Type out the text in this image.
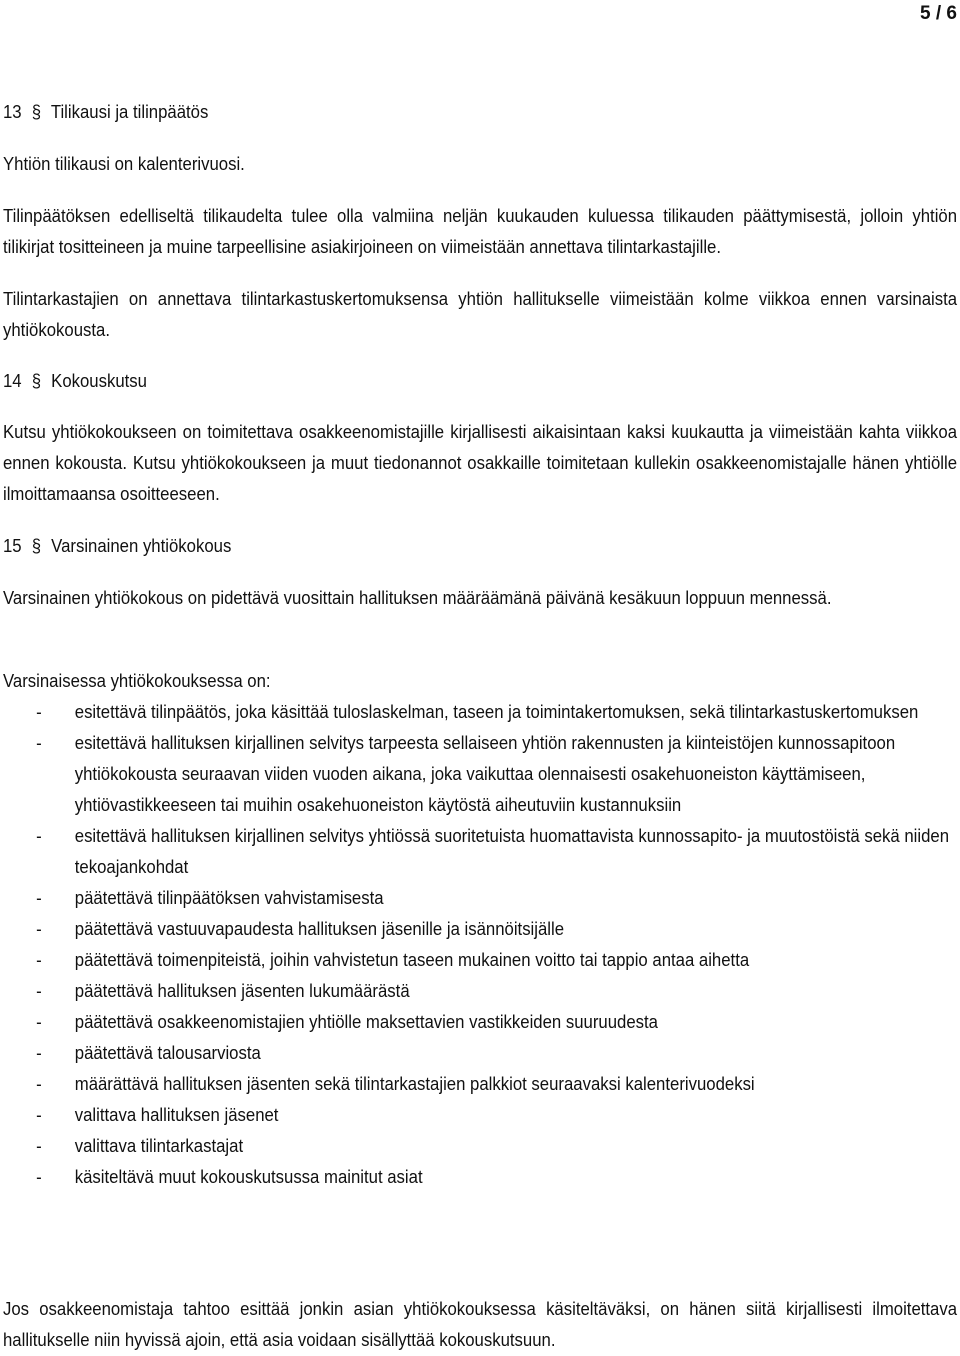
5 / 6
13 § Tilikausi ja tilinpäätös

Yhtiön tilikausi on kalenterivuosi.

Tilinpäätöksen edelliseltä tilikaudelta tulee olla valmiina neljän kuukauden kuluessa tilikauden päättymisestä, jolloin yhtiön tilikirjat tositteineen ja muine tarpeellisine asiakirjoineen on viimeistään annettava tilintarkastajille.

Tilintarkastajien on annettava tilintarkastuskertomuksensa yhtiön hallitukselle viimeistään kolme viikkoa ennen varsinaista yhtiökokousta.

14 § Kokouskutsu

Kutsu yhtiökokoukseen on toimitettava osakkeenomistajille kirjallisesti aikaisintaan kaksi kuukautta ja viimeistään kahta viikkoa ennen kokousta. Kutsu yhtiökokoukseen ja muut tiedonannot osakkaille toimitetaan kullekin osakkeenomistajalle hänen yhtiölle ilmoittamaansa osoitteeseen.

15 § Varsinainen yhtiökokous

Varsinainen yhtiökokous on pidettävä vuosittain hallituksen määräämänä päivänä kesäkuun loppuun mennessä.

Varsinaisessa yhtiökokouksessa on:

- esitettävä tilinpäätös, joka käsittää tuloslaskelman, taseen ja toimintakertomuksen, sekä tilintarkastuskertomuksen
- esitettävä hallituksen kirjallinen selvitys tarpeesta sellaiseen yhtiön rakennusten ja kiinteistöjen kunnossapitoon yhtiökokousta seuraavan viiden vuoden aikana, joka vaikuttaa olennaisesti osakehuoneiston käyttämiseen, yhtiövastikkeeseen tai muihin osakehuoneiston käytöstä aiheutuviin kustannuksiin
- esitettävä hallituksen kirjallinen selvitys yhtiössä suoritetuista huomattavista kunnossapito- ja muutostöistä sekä niiden tekoajankohdat
- päätettävä tilinpäätöksen vahvistamisesta
- päätettävä vastuuvapaudesta hallituksen jäsenille ja isännöitsijälle
- päätettävä toimenpiteistä, joihin vahvistetun taseen mukainen voitto tai tappio antaa aihetta
- päätettävä hallituksen jäsenten lukumäärästä
- päätettävä osakkeenomistajien yhtiölle maksettavien vastikkeiden suuruudesta
- päätettävä talousarviosta
- määrättävä hallituksen jäsenten sekä tilintarkastajien palkkiot seuraavaksi kalenterivuodeksi
- valittava hallituksen jäsenet
- valittava tilintarkastajat
- käsiteltävä muut kokouskutsussa mainitut asiat

Jos osakkeenomistaja tahtoo esittää jonkin asian yhtiökokouksessa käsiteltäväksi, on hänen siitä kirjallisesti ilmoitettava hallitukselle niin hyvissä ajoin, että asia voidaan sisällyttää kokouskutsuun.
